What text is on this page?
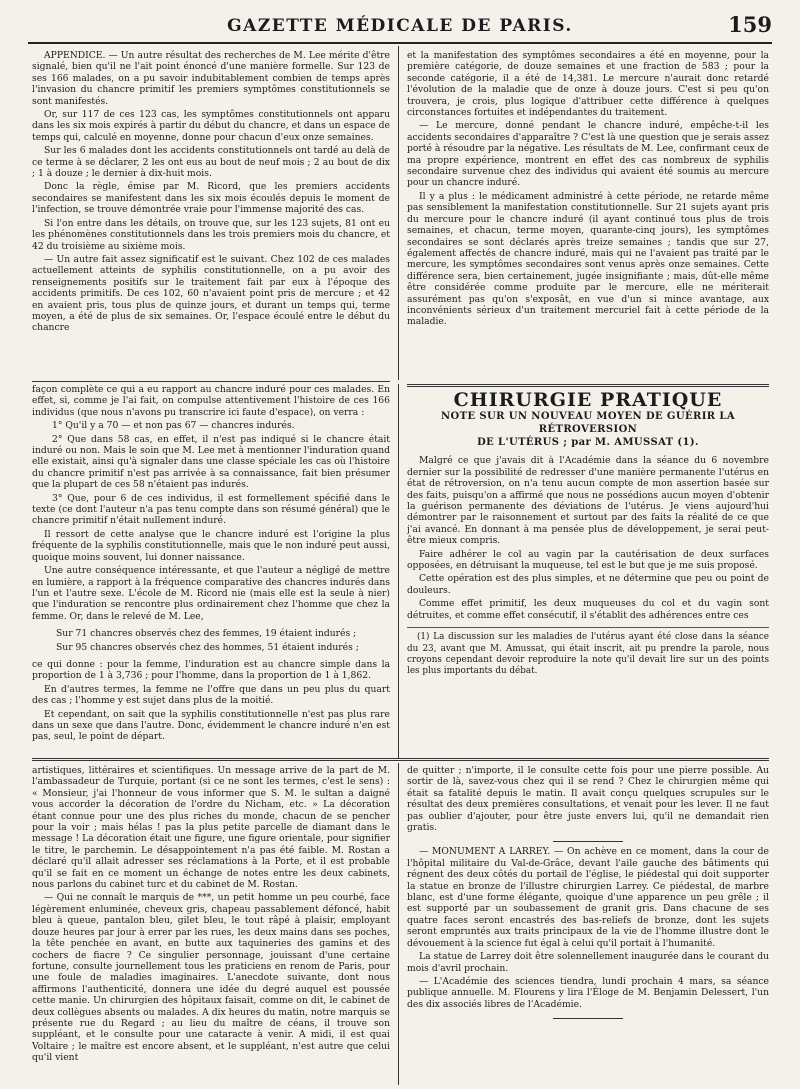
GAZETTE MÉDICALE DE PARIS.	159

APPENDICE. — Un autre résultat des recherches de M. Lee mérite d'être signalé, bien qu'il ne l'ait point énoncé d'une manière formelle. Sur 123 de ses 166 malades, on a pu savoir indubitablement combien de temps après l'invasion du chancre primitif les premiers symptômes constitutionnels se sont manifestés.

Or, sur 117 de ces 123 cas, les symptômes constitutionnels ont apparu dans les six mois expirés à partir du début du chancre, et dans un espace de temps qui, calculé en moyenne, donne pour chacun d'eux onze semaines.

Sur les 6 malades dont les accidents constitutionnels ont tardé au delà de ce terme à se déclarer, 2 les ont eus au bout de neuf mois ; 2 au bout de dix ; 1 à douze ; le dernier à dix-huit mois.

Donc la règle, émise par M. Ricord, que les premiers accidents secondaires se manifestent dans les six mois écoulés depuis le moment de l'infection, se trouve démontrée vraie pour l'immense majorité des cas.

Si l'on entre dans les détails, on trouve que, sur les 123 sujets, 81 ont eu les phénomènes constitutionnels dans les trois premiers mois du chancre, et 42 du troisième au sixième mois.

— Un autre fait assez significatif est le suivant. Chez 102 de ces malades actuellement atteints de syphilis constitutionnelle, on a pu avoir des renseignements positifs sur le traitement fait par eux à l'époque des accidents primitifs. De ces 102, 60 n'avaient point pris de mercure ; et 42 en avaient pris, tous plus de quinze jours, et durant un temps qui, terme moyen, a été de plus de six semaines. Or, l'espace écoulé entre le début du chancre

et la manifestation des symptômes secondaires a été en moyenne, pour la première catégorie, de douze semaines et une fraction de 583 ; pour la seconde catégorie, il a été de 14,381. Le mercure n'aurait donc retardé l'évolution de la maladie que de onze à douze jours. C'est si peu qu'on trouvera, je crois, plus logique d'attribuer cette différence à quelques circonstances fortuites et indépendantes du traitement.

— Le mercure, donné pendant le chancre induré, empêche-t-il les accidents secondaires d'apparaître ? C'est là une question que je serais assez porté à résoudre par la négative. Les résultats de M. Lee, confirmant ceux de ma propre expérience, montrent en effet des cas nombreux de syphilis secondaire survenue chez des individus qui avaient été soumis au mercure pour un chancre induré.

Il y a plus : le médicament administré à cette période, ne retarde même pas sensiblement la manifestation constitutionnelle. Sur 21 sujets ayant pris du mercure pour le chancre induré (il ayant continué tous plus de trois semaines, et chacun, terme moyen, quarante-cinq jours), les symptômes secondaires se sont déclarés après treize semaines ; tandis que sur 27, également affectés de chancre induré, mais qui ne l'avaient pas traité par le mercure, les symptômes secondaires sont venus après onze semaines. Cette différence sera, bien certainement, jugée insignifiante ; mais, dût-elle même être considérée comme produite par le mercure, elle ne mériterait assurément pas qu'on s'exposât, en vue d'un si mince avantage, aux inconvénients sérieux d'un traitement mercuriel fait à cette période de la maladie.

façon complète ce qui a eu rapport au chancre induré pour ces malades. En effet, si, comme je l'ai fait, on compulse attentivement l'histoire de ces 166 individus (que nous n'avons pu transcrire ici faute d'espace), on verra :

1° Qu'il y a 70 — et non pas 67 — chancres indurés.

2° Que dans 58 cas, en effet, il n'est pas indiqué si le chancre était induré ou non. Mais le soin que M. Lee met à mentionner l'induration quand elle existait, ainsi qu'à signaler dans une classe spéciale les cas où l'histoire du chancre primitif n'est pas arrivée à sa connaissance, fait bien présumer que la plupart de ces 58 n'étaient pas indurés.

3° Que, pour 6 de ces individus, il est formellement spécifié dans le texte (ce dont l'auteur n'a pas tenu compte dans son résumé général) que le chancre primitif n'était nullement induré.

Il ressort de cette analyse que le chancre induré est l'origine la plus fréquente de la syphilis constitutionnelle, mais que le non induré peut aussi, quoique moins souvent, lui donner naissance.

Une autre conséquence intéressante, et que l'auteur a négligé de mettre en lumière, a rapport à la fréquence comparative des chancres indurés dans l'un et l'autre sexe. L'école de M. Ricord nie (mais elle est la seule à nier) que l'induration se rencontre plus ordinairement chez l'homme que chez la femme. Or, dans le relevé de M. Lee,

Sur 71 chancres observés chez des femmes, 19 étaient indurés ;

Sur 95 chancres observés chez des hommes, 51 étaient indurés ;

ce qui donne : pour la femme, l'induration est au chancre simple dans la proportion de 1 à 3,736 ; pour l'homme, dans la proportion de 1 à 1,862.

En d'autres termes, la femme ne l'offre que dans un peu plus du quart des cas ; l'homme y est sujet dans plus de la moitié.

Et cependant, on sait que la syphilis constitutionnelle n'est pas plus rare dans un sexe que dans l'autre. Donc, évidemment le chancre induré n'en est pas, seul, le point de départ.

CHIRURGIE PRATIQUE
NOTE SUR UN NOUVEAU MOYEN DE GUÉRIR LA RÉTROVERSION
DE L'UTÉRUS ; par M. AMUSSAT (1).

Malgré ce que j'avais dit à l'Académie dans la séance du 6 novembre dernier sur la possibilité de redresser d'une manière permanente l'utérus en état de rétroversion, on n'a tenu aucun compte de mon assertion basée sur des faits, puisqu'on a affirmé que nous ne possédions aucun moyen d'obtenir la guérison permanente des déviations de l'utérus. Je viens aujourd'hui démontrer par le raisonnement et surtout par des faits la réalité de ce que j'ai avancé. En donnant à ma pensée plus de développement, je serai peut-être mieux compris.

Faire adhérer le col au vagin par la cautérisation de deux surfaces opposées, en détruisant la muqueuse, tel est le but que je me suis proposé.

Cette opération est des plus simples, et ne détermine que peu ou point de douleurs.

Comme effet primitif, les deux muqueuses du col et du vagin sont détruites, et comme effet consécutif, il s'établit des adhérences entre ces

(1) La discussion sur les maladies de l'utérus ayant été close dans la séance du 23, avant que M. Amussat, qui était inscrit, ait pu prendre la parole, nous croyons cependant devoir reproduire la note qu'il devait lire sur un des points les plus importants du débat.

artistiques, littéraires et scientifiques. Un message arrive de la part de M. l'ambassadeur de Turquie, portant (si ce ne sont les termes, c'est le sens) : « Monsieur, j'ai l'honneur de vous informer que S. M. le sultan a daigné vous accorder la décoration de l'ordre du Nicham, etc. » La décoration étant connue pour une des plus riches du monde, chacun de se pencher pour la voir ; mais hélas ! pas la plus petite parcelle de diamant dans le message ! La décoration était une figure, une figure orientale, pour signifier le titre, le parchemin. Le désappointement n'a pas été faible. M. Rostan a déclaré qu'il allait adresser ses réclamations à la Porte, et il est probable qu'il se fait en ce moment un échange de notes entre les deux cabinets, nous parlons du cabinet turc et du cabinet de M. Rostan.

— Qui ne connaît le marquis de ***, un petit homme un peu courbé, face légèrement enluminée, cheveux gris, chapeau passablement défoncé, habit bleu à queue, pantalon bleu, gilet bleu, le tout râpé à plaisir, employant douze heures par jour à errer par les rues, les deux mains dans ses poches, la tête penchée en avant, en butte aux taquineries des gamins et des cochers de fiacre ? Ce singulier personnage, jouissant d'une certaine fortune, consulte journellement tous les praticiens en renom de Paris, pour une foule de maladies imaginaires. L'anecdote suivante, dont nous affirmons l'authenticité, donnera une idée du degré auquel est poussée cette manie. Un chirurgien des hôpitaux faisait, comme on dit, le cabinet de deux collègues absents ou malades. A dix heures du matin, notre marquis se présente rue du Regard ; au lieu du maître de céans, il trouve son suppléant, et le consulte pour une cataracte à venir. A midi, il est quai Voltaire ; le maître est encore absent, et le suppléant, n'est autre que celui qu'il vient

de quitter ; n'importe, il le consulte cette fois pour une pierre possible. Au sortir de là, savez-vous chez qui il se rend ? Chez le chirurgien même qui était sa fatalité depuis le matin. Il avait conçu quelques scrupules sur le résultat des deux premières consultations, et venait pour les lever. Il ne faut pas oublier d'ajouter, pour être juste envers lui, qu'il ne demandait rien gratis.

— MONUMENT A LARREY. — On achève en ce moment, dans la cour de l'hôpital militaire du Val-de-Grâce, devant l'aile gauche des bâtiments qui régnent des deux côtés du portail de l'église, le piédestal qui doit supporter la statue en bronze de l'illustre chirurgien Larrey. Ce piédestal, de marbre blanc, est d'une forme élégante, quoique d'une apparence un peu grêle ; il est supporté par un soubassement de granit gris. Dans chacune de ses quatre faces seront encastrés des bas-reliefs de bronze, dont les sujets seront empruntés aux traits principaux de la vie de l'homme illustre dont le dévouement à la science fut égal à celui qu'il portait à l'humanité.

La statue de Larrey doit être solennellement inaugurée dans le courant du mois d'avril prochain.

— L'Académie des sciences tiendra, lundi prochain 4 mars, sa séance publique annuelle. M. Flourens y lira l'Éloge de M. Benjamin Delessert, l'un des dix associés libres de l'Académie.
